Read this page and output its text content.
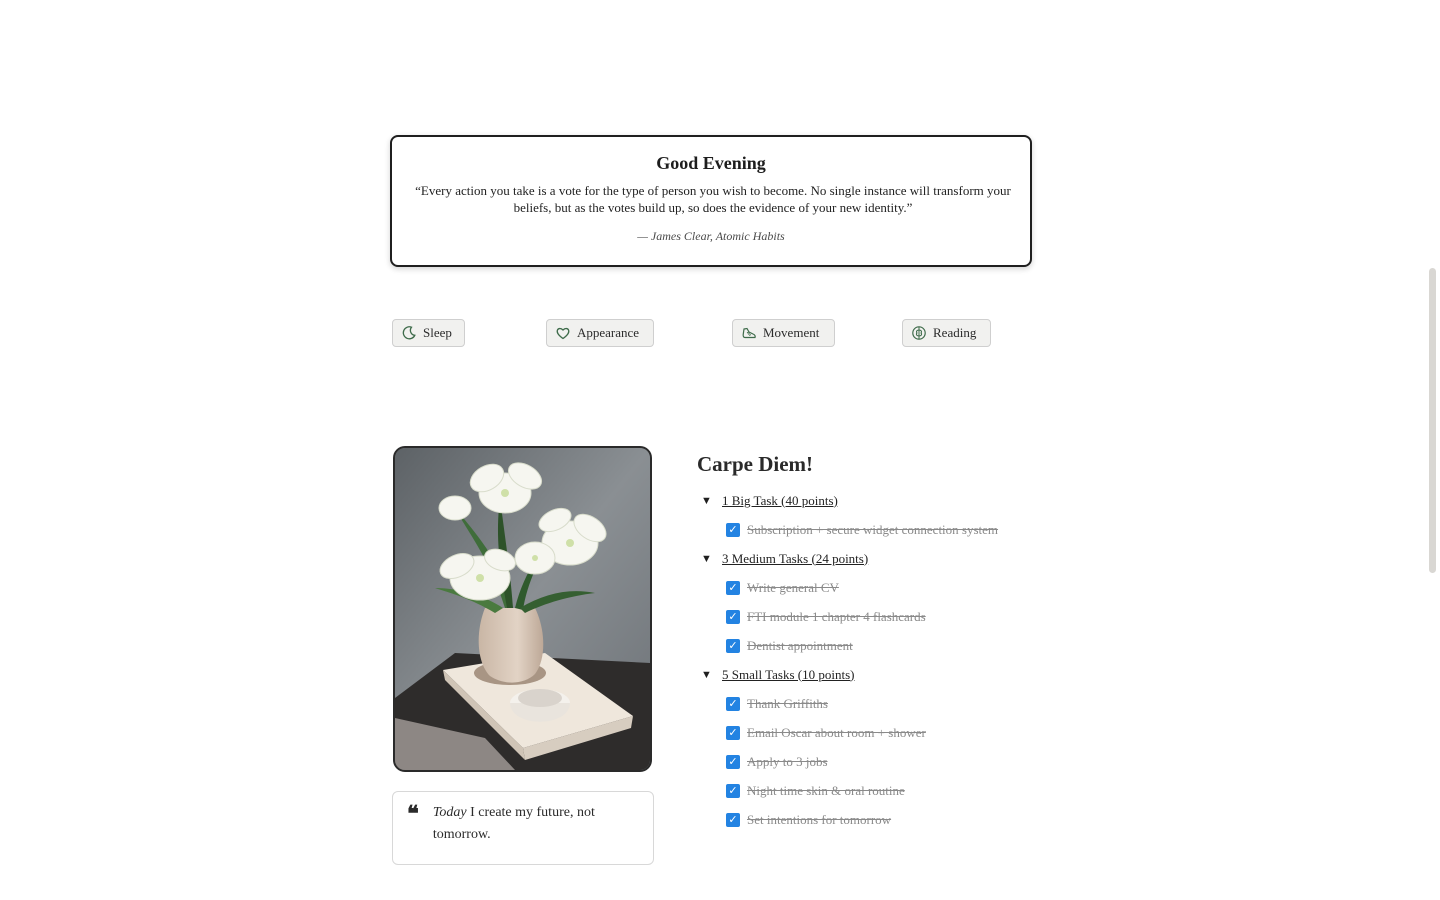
Good Evening
“Every action you take is a vote for the type of person you wish to become. No single instance will transform your beliefs, but as the votes build up, so does the evidence of your new identity.”
— James Clear, Atomic Habits
Sleep	Appearance	Movement	Reading
❝	Today I create my future, not tomorrow.
Carpe Diem!
▼ 1 Big Task (40 points)
✓ Subscription + secure widget connection system
▼ 3 Medium Tasks (24 points)
✓ Write general CV
✓ FTI module 1 chapter 4 flashcards
✓ Dentist appointment
▼ 5 Small Tasks (10 points)
✓ Thank Griffiths
✓ Email Oscar about room + shower
✓ Apply to 3 jobs
✓ Night time skin & oral routine
✓ Set intentions for tomorrow
